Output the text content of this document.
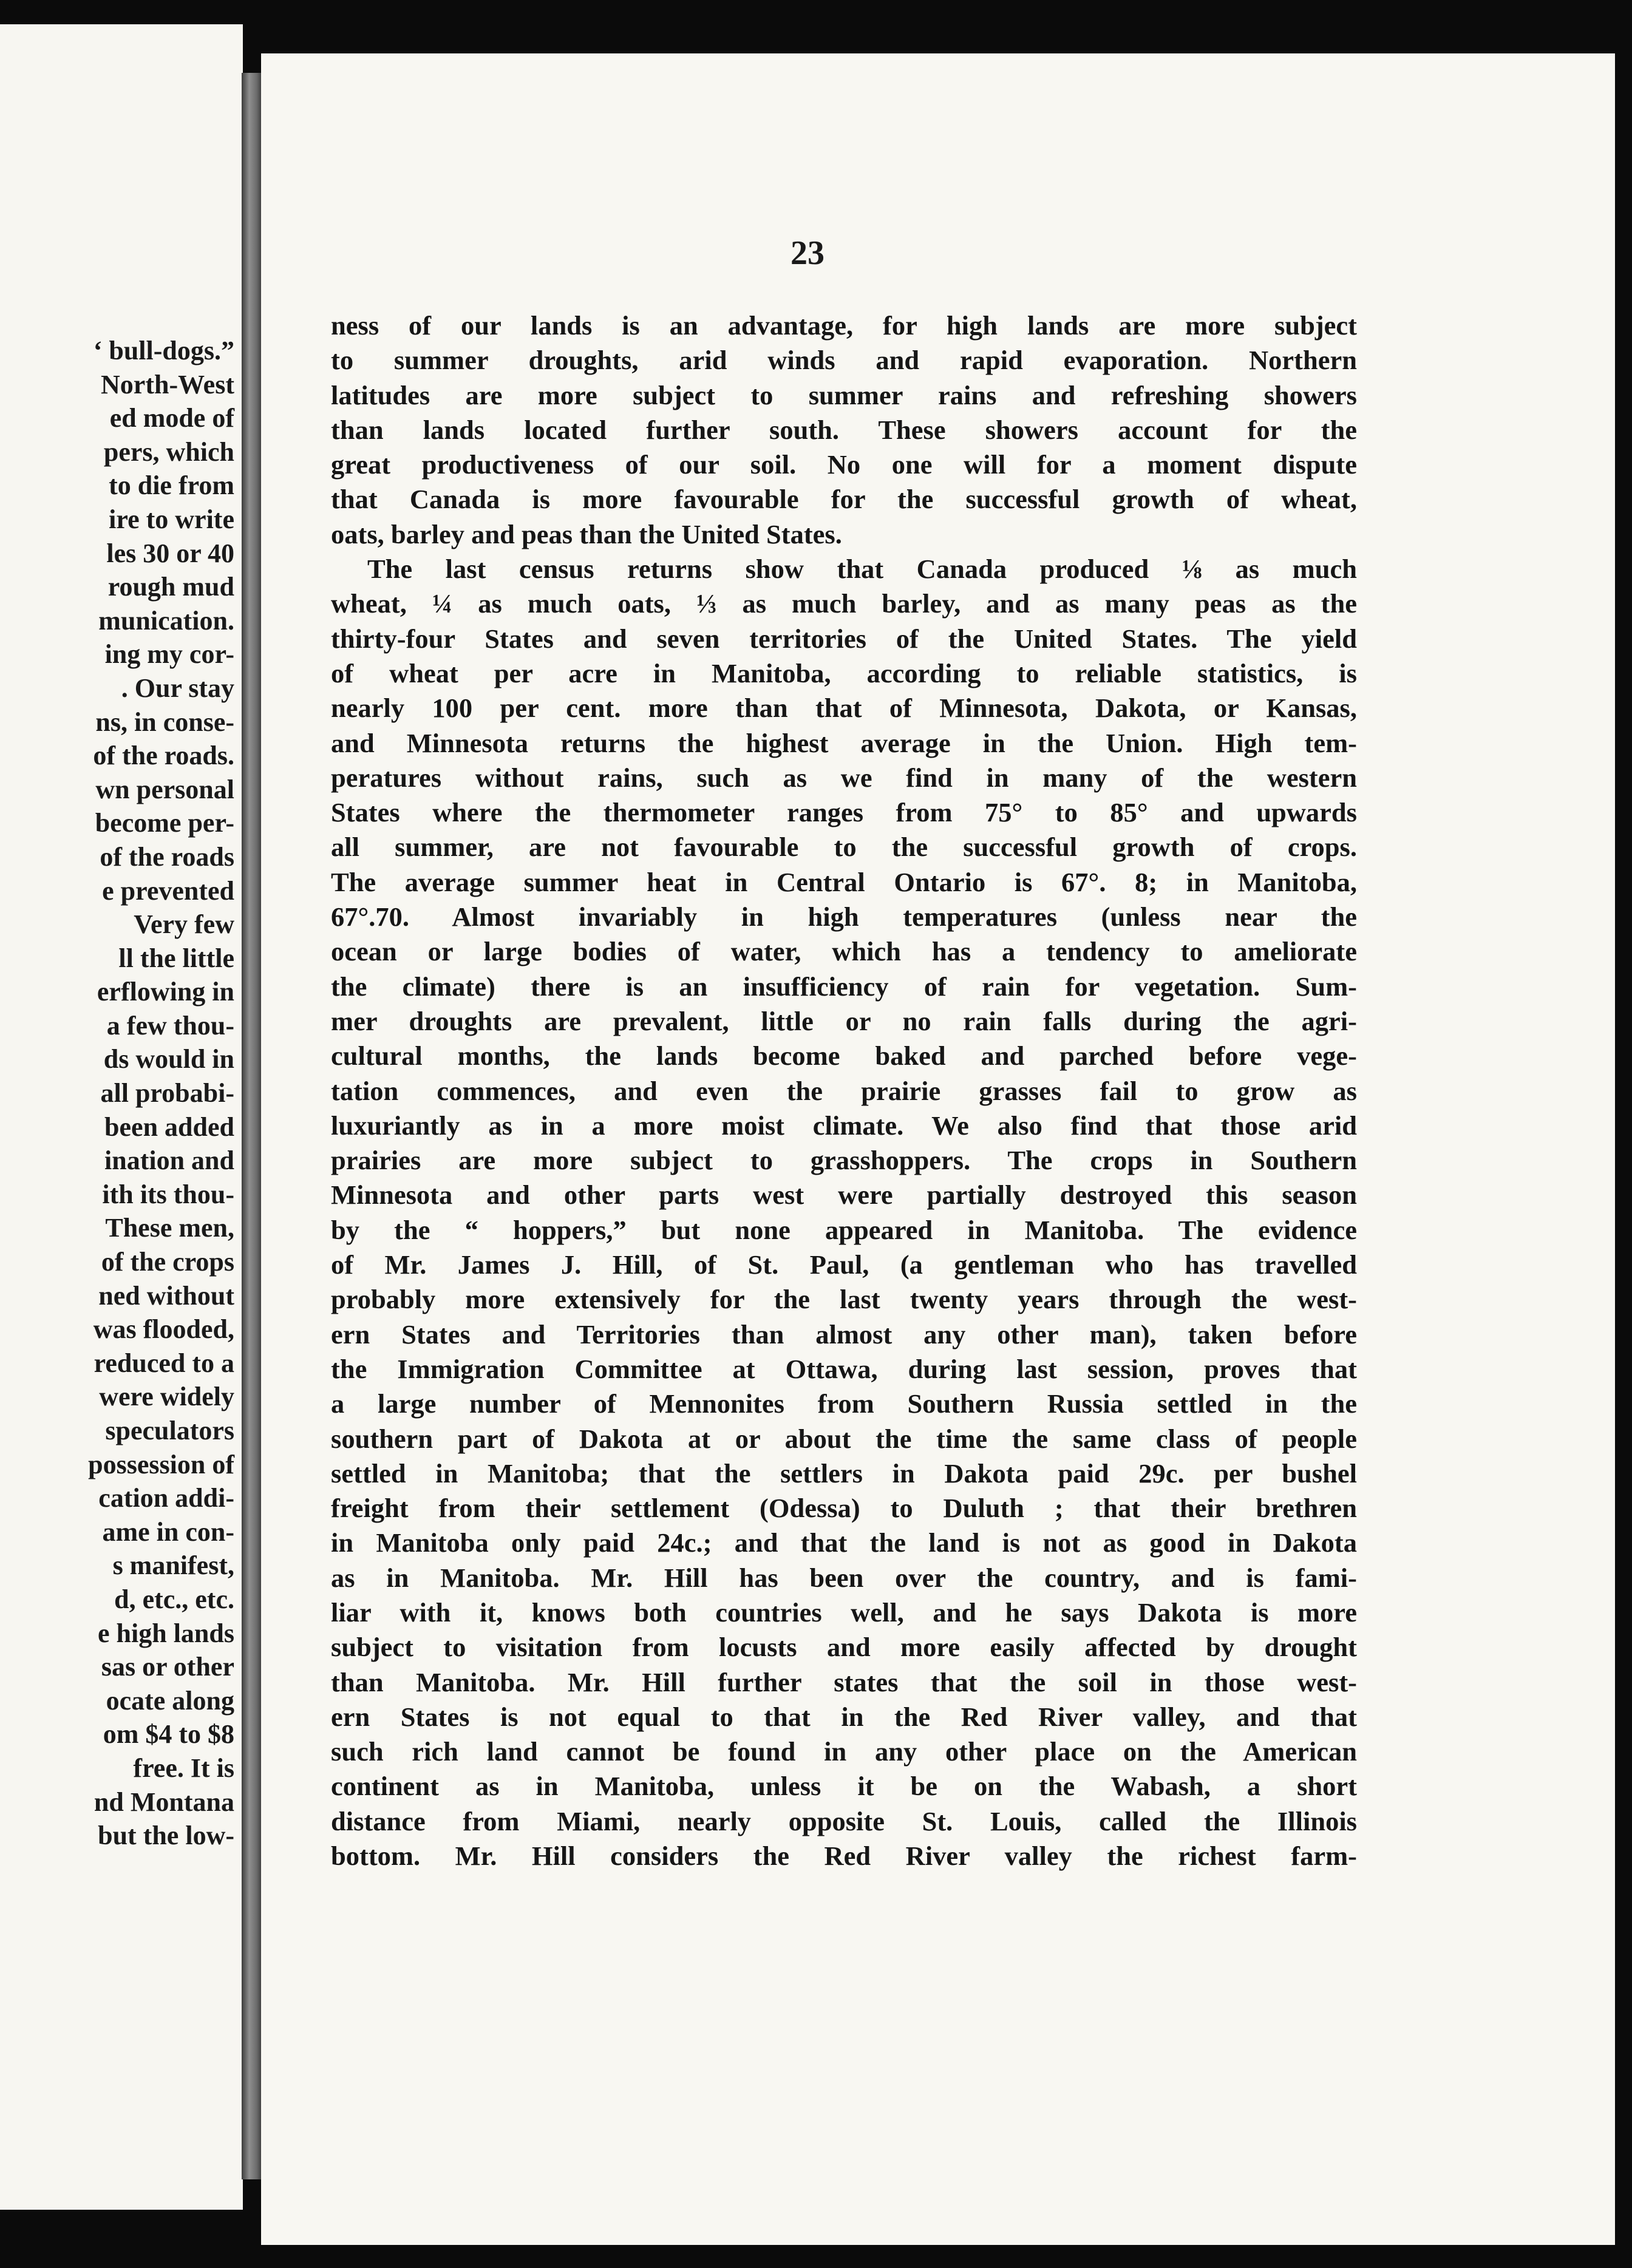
‘ bull-dogs.”
North-West
ed mode of
pers, which
to die from
ire to write
les 30 or 40
rough mud
munication.
ing my cor-
. Our stay
ns, in conse-
of the roads.
wn personal
become per-
of the roads
e prevented
Very few
ll the little
erflowing in
a few thou-
ds would in
all probabi-
been added
ination and
ith its thou-
These men,
of the crops
ned without
was flooded,
reduced to a
were widely
speculators
possession of
cation addi-
ame in con-
s manifest,
d, etc., etc.
e high lands
sas or other
ocate along
om $4 to $8
free. It is
nd Montana
but the low-
23
ness of our lands is an advantage, for high lands are more subject
to summer droughts, arid winds and rapid evaporation. Northern
latitudes are more subject to summer rains and refreshing showers
than lands located further south. These showers account for the
great productiveness of our soil. No one will for a moment dispute
that Canada is more favourable for the successful growth of wheat,
oats, barley and peas than the United States.
The last census returns show that Canada produced ⅛ as much
wheat, ¼ as much oats, ⅓ as much barley, and as many peas as the
thirty-four States and seven territories of the United States. The yield
of wheat per acre in Manitoba, according to reliable statistics, is
nearly 100 per cent. more than that of Minnesota, Dakota, or Kansas,
and Minnesota returns the highest average in the Union. High tem-
peratures without rains, such as we find in many of the western
States where the thermometer ranges from 75° to 85° and upwards
all summer, are not favourable to the successful growth of crops.
The average summer heat in Central Ontario is 67°. 8; in Manitoba,
67°.70. Almost invariably in high temperatures (unless near the
ocean or large bodies of water, which has a tendency to ameliorate
the climate) there is an insufficiency of rain for vegetation. Sum-
mer droughts are prevalent, little or no rain falls during the agri-
cultural months, the lands become baked and parched before vege-
tation commences, and even the prairie grasses fail to grow as
luxuriantly as in a more moist climate. We also find that those arid
prairies are more subject to grasshoppers. The crops in Southern
Minnesota and other parts west were partially destroyed this season
by the “ hoppers,” but none appeared in Manitoba. The evidence
of Mr. James J. Hill, of St. Paul, (a gentleman who has travelled
probably more extensively for the last twenty years through the west-
ern States and Territories than almost any other man), taken before
the Immigration Committee at Ottawa, during last session, proves that
a large number of Mennonites from Southern Russia settled in the
southern part of Dakota at or about the time the same class of people
settled in Manitoba; that the settlers in Dakota paid 29c. per bushel
freight from their settlement (Odessa) to Duluth ; that their brethren
in Manitoba only paid 24c.; and that the land is not as good in Dakota
as in Manitoba. Mr. Hill has been over the country, and is fami-
liar with it, knows both countries well, and he says Dakota is more
subject to visitation from locusts and more easily affected by drought
than Manitoba. Mr. Hill further states that the soil in those west-
ern States is not equal to that in the Red River valley, and that
such rich land cannot be found in any other place on the American
continent as in Manitoba, unless it be on the Wabash, a short
distance from Miami, nearly opposite St. Louis, called the Illinois
bottom. Mr. Hill considers the Red River valley the richest farm-
